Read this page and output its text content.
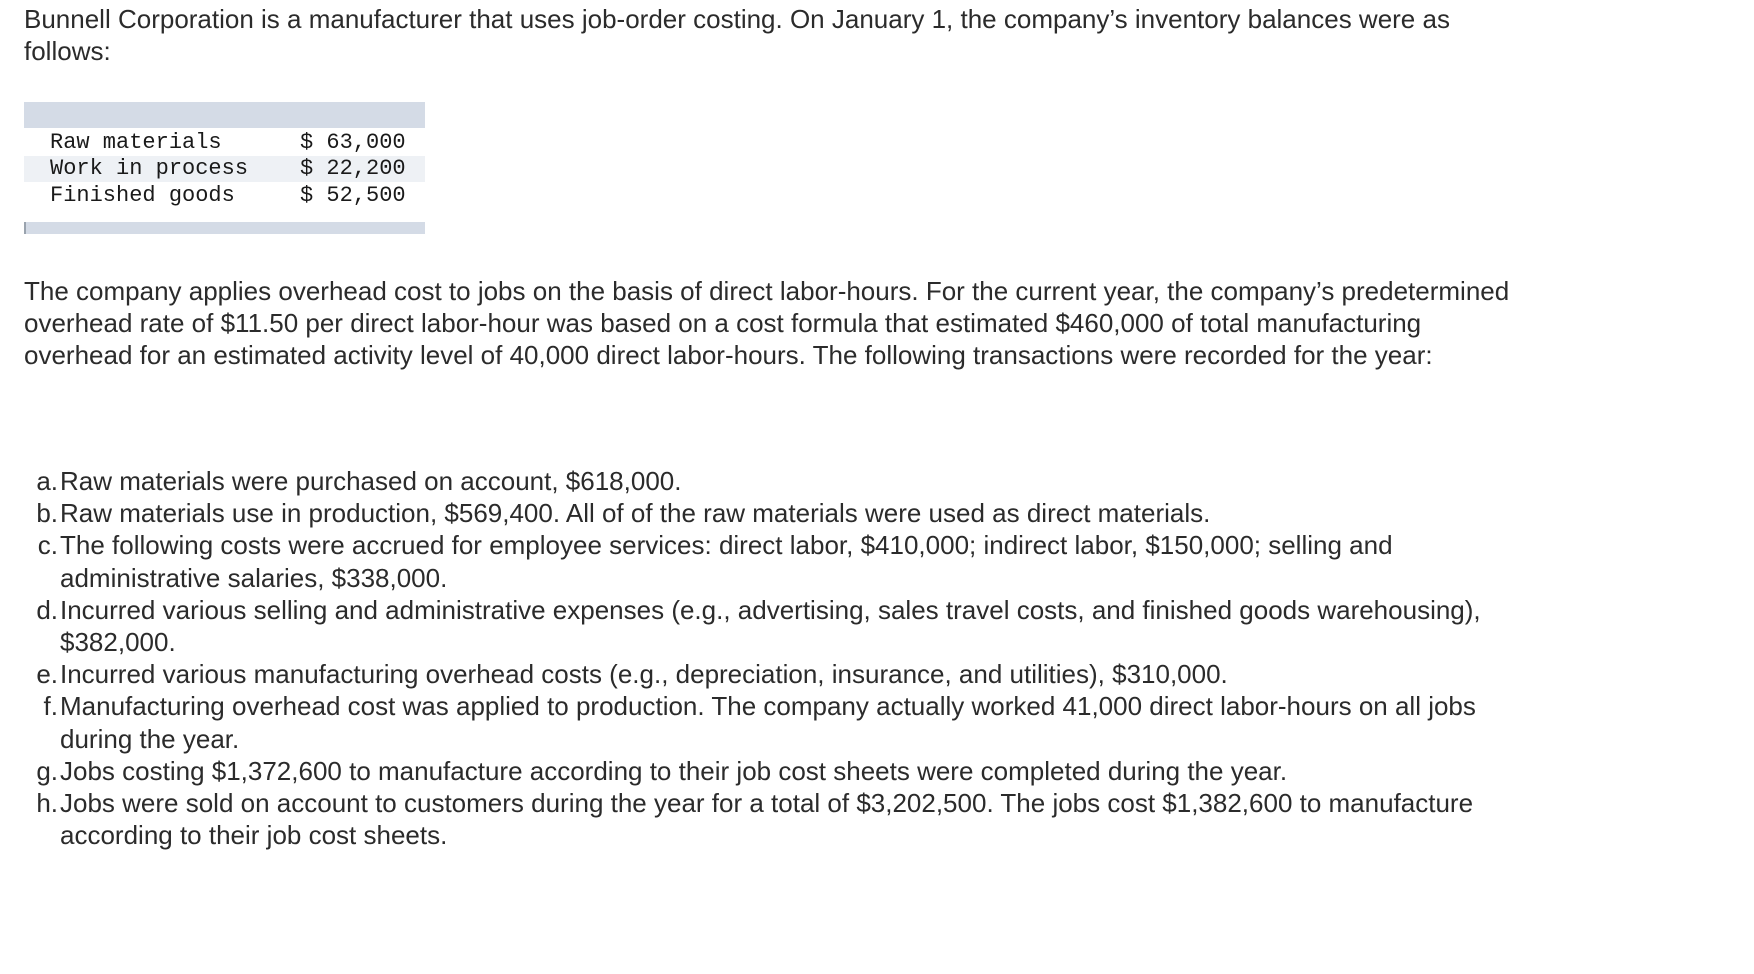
Bunnell Corporation is a manufacturer that uses job-order costing. On January 1, the company’s inventory balances were as follows:

Raw materials	$ 63,000
Work in process $ 22,200
Finished goods	$ 52,500

The company applies overhead cost to jobs on the basis of direct labor-hours. For the current year, the company’s predetermined overhead rate of $11.50 per direct labor-hour was based on a cost formula that estimated $460,000 of total manufacturing overhead for an estimated activity level of 40,000 direct labor-hours. The following transactions were recorded for the year:

a. Raw materials were purchased on account, $618,000.
b. Raw materials use in production, $569,400. All of of the raw materials were used as direct materials.
c. The following costs were accrued for employee services: direct labor, $410,000; indirect labor, $150,000; selling and administrative salaries, $338,000.
d. Incurred various selling and administrative expenses (e.g., advertising, sales travel costs, and finished goods warehousing), $382,000.
e. Incurred various manufacturing overhead costs (e.g., depreciation, insurance, and utilities), $310,000.
f. Manufacturing overhead cost was applied to production. The company actually worked 41,000 direct labor-hours on all jobs during the year.
g. Jobs costing $1,372,600 to manufacture according to their job cost sheets were completed during the year.
h. Jobs were sold on account to customers during the year for a total of $3,202,500. The jobs cost $1,382,600 to manufacture according to their job cost sheets.
